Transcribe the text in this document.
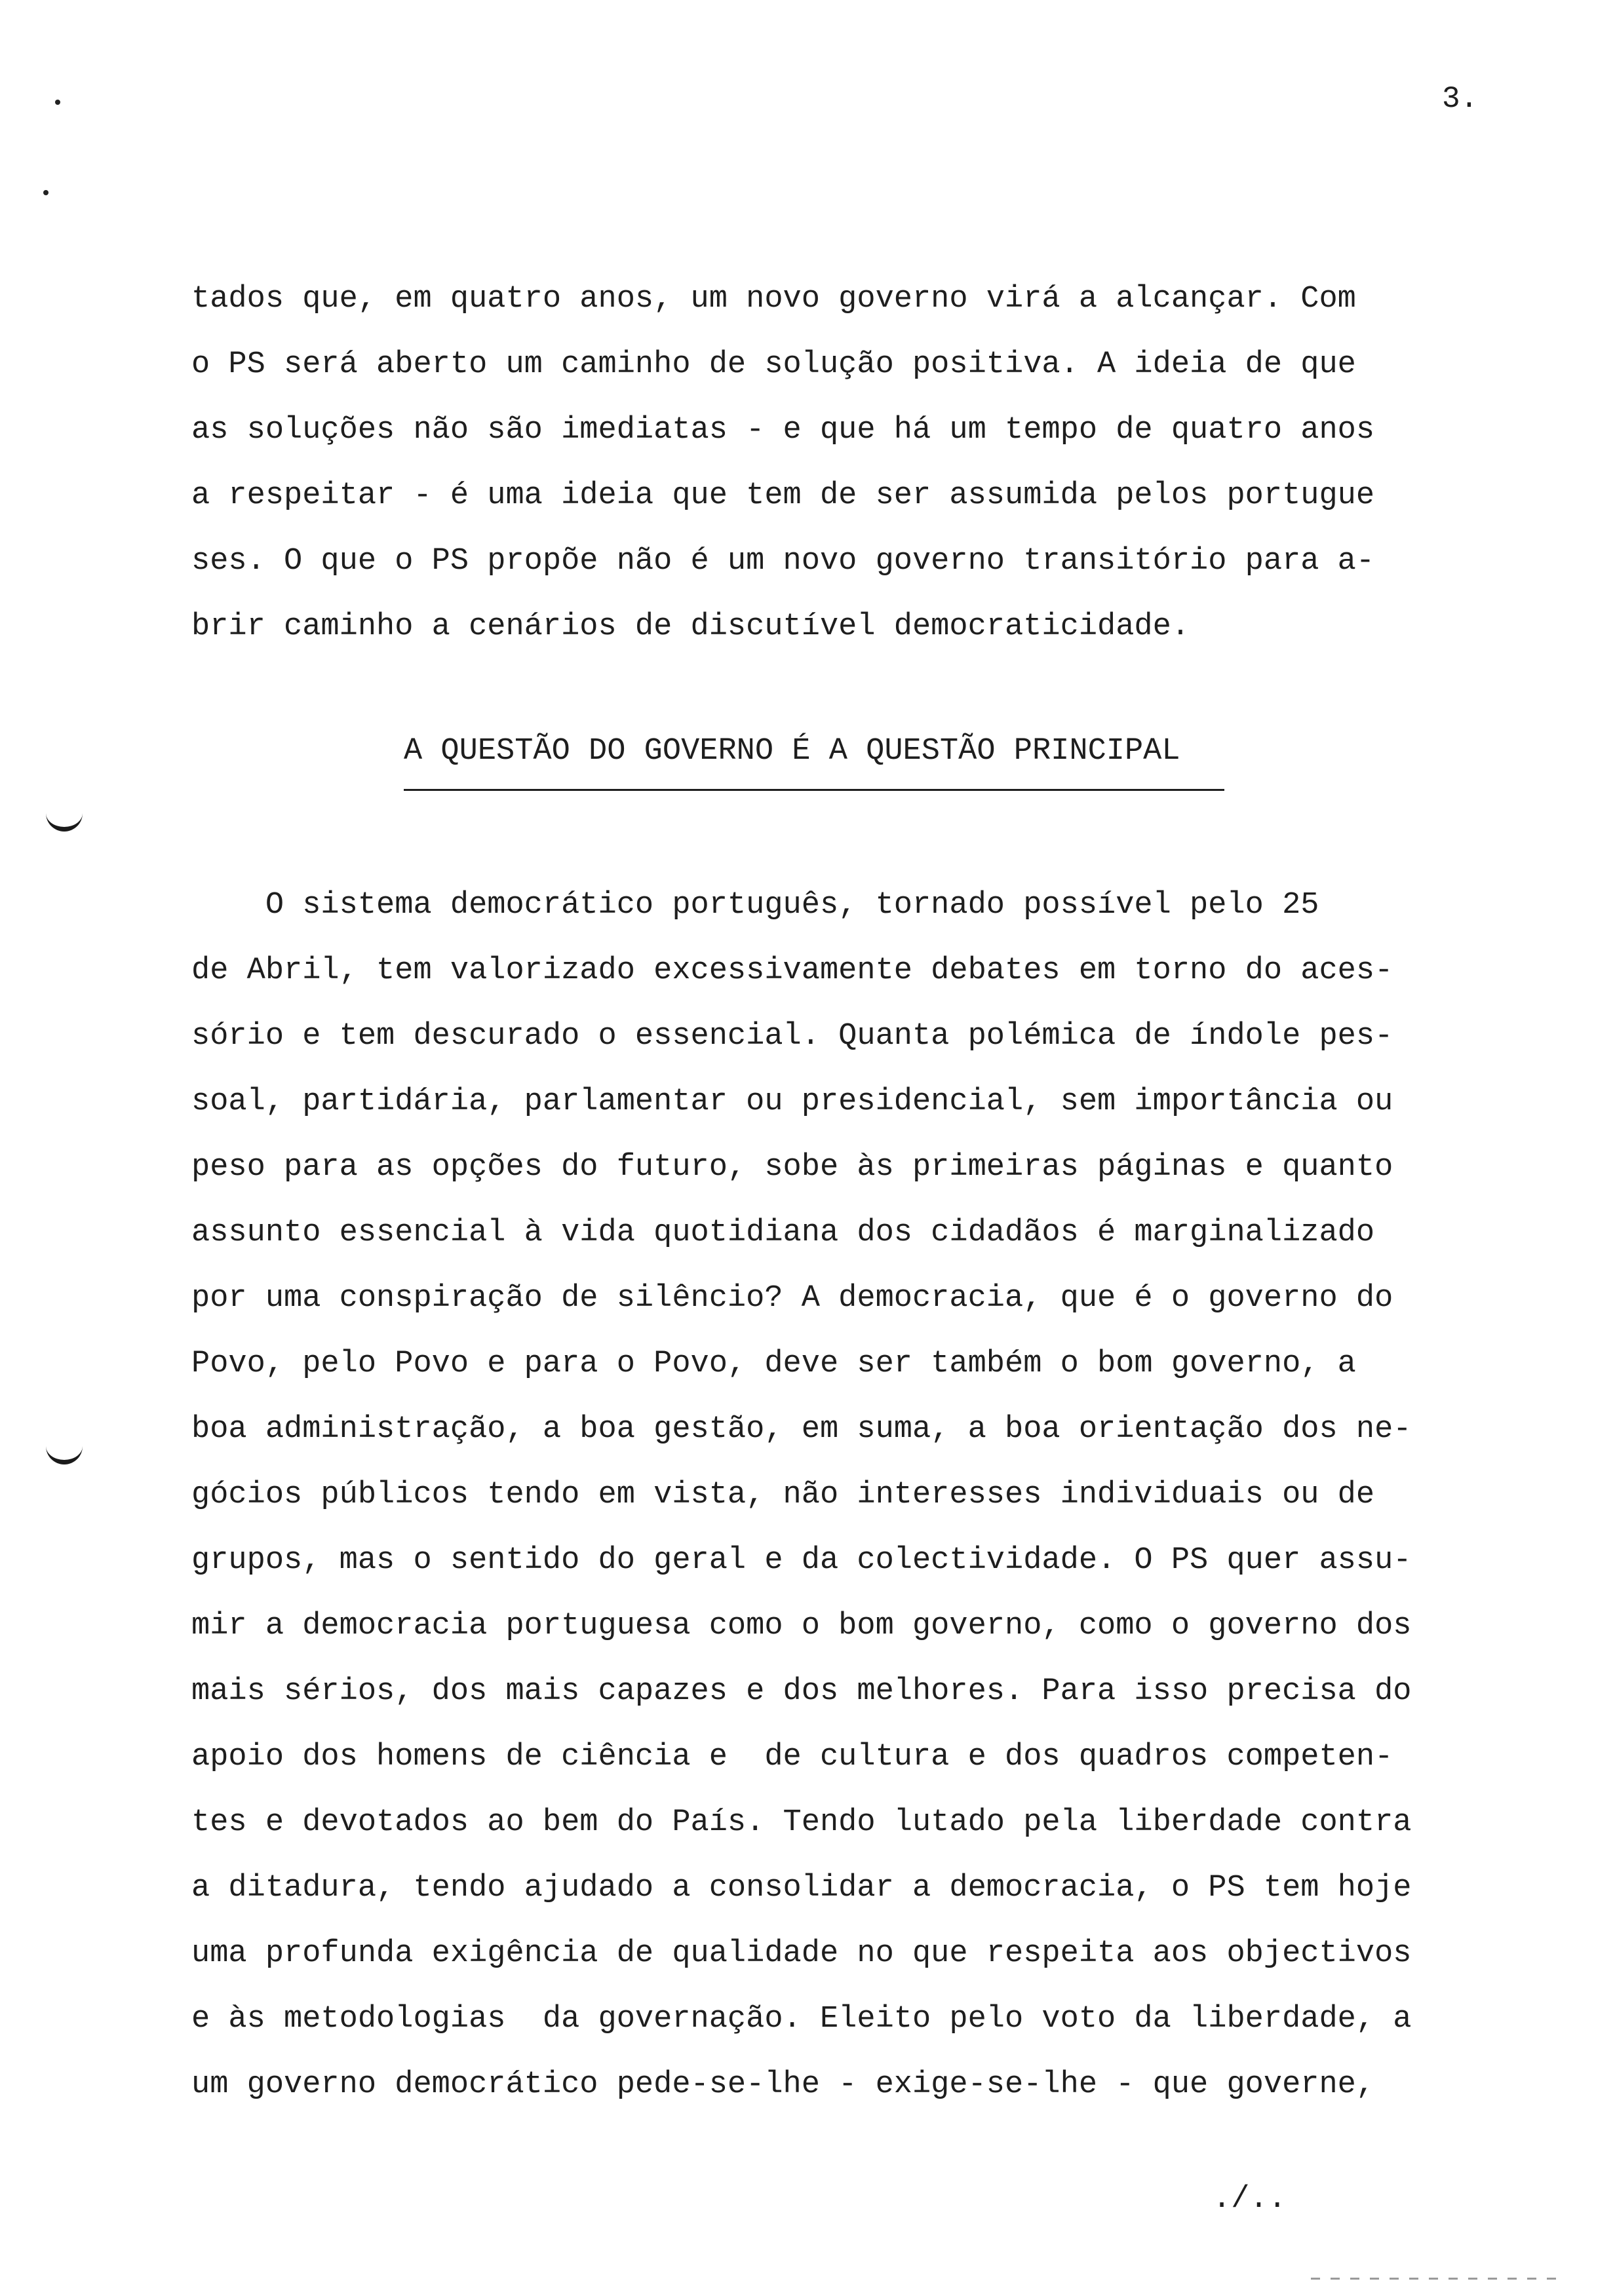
3.
tados que, em quatro anos, um novo governo virá a alcançar. Com
o PS será aberto um caminho de solução positiva. A ideia de que
as soluções não são imediatas - e que há um tempo de quatro anos
a respeitar - é uma ideia que tem de ser assumida pelos portugue
ses. O que o PS propõe não é um novo governo transitório para a-
brir caminho a cenários de discutível democraticidade.
A QUESTÃO DO GOVERNO É A QUESTÃO PRINCIPAL
O sistema democrático português, tornado possível pelo 25
de Abril, tem valorizado excessivamente debates em torno do aces-
sório e tem descurado o essencial. Quanta polémica de índole pes-
soal, partidária, parlamentar ou presidencial, sem importância ou
peso para as opções do futuro, sobe às primeiras páginas e quanto
assunto essencial à vida quotidiana dos cidadãos é marginalizado
por uma conspiração de silêncio? A democracia, que é o governo do
Povo, pelo Povo e para o Povo, deve ser também o bom governo, a
boa administração, a boa gestão, em suma, a boa orientação dos ne-
gócios públicos tendo em vista, não interesses individuais ou de
grupos, mas o sentido do geral e da colectividade. O PS quer assu-
mir a democracia portuguesa como o bom governo, como o governo dos
mais sérios, dos mais capazes e dos melhores. Para isso precisa do
apoio dos homens de ciência e  de cultura e dos quadros competen-
tes e devotados ao bem do País. Tendo lutado pela liberdade contra
a ditadura, tendo ajudado a consolidar a democracia, o PS tem hoje
uma profunda exigência de qualidade no que respeita aos objectivos
e às metodologias  da governação. Eleito pelo voto da liberdade, a
um governo democrático pede-se-lhe - exige-se-lhe - que governe,
./..
